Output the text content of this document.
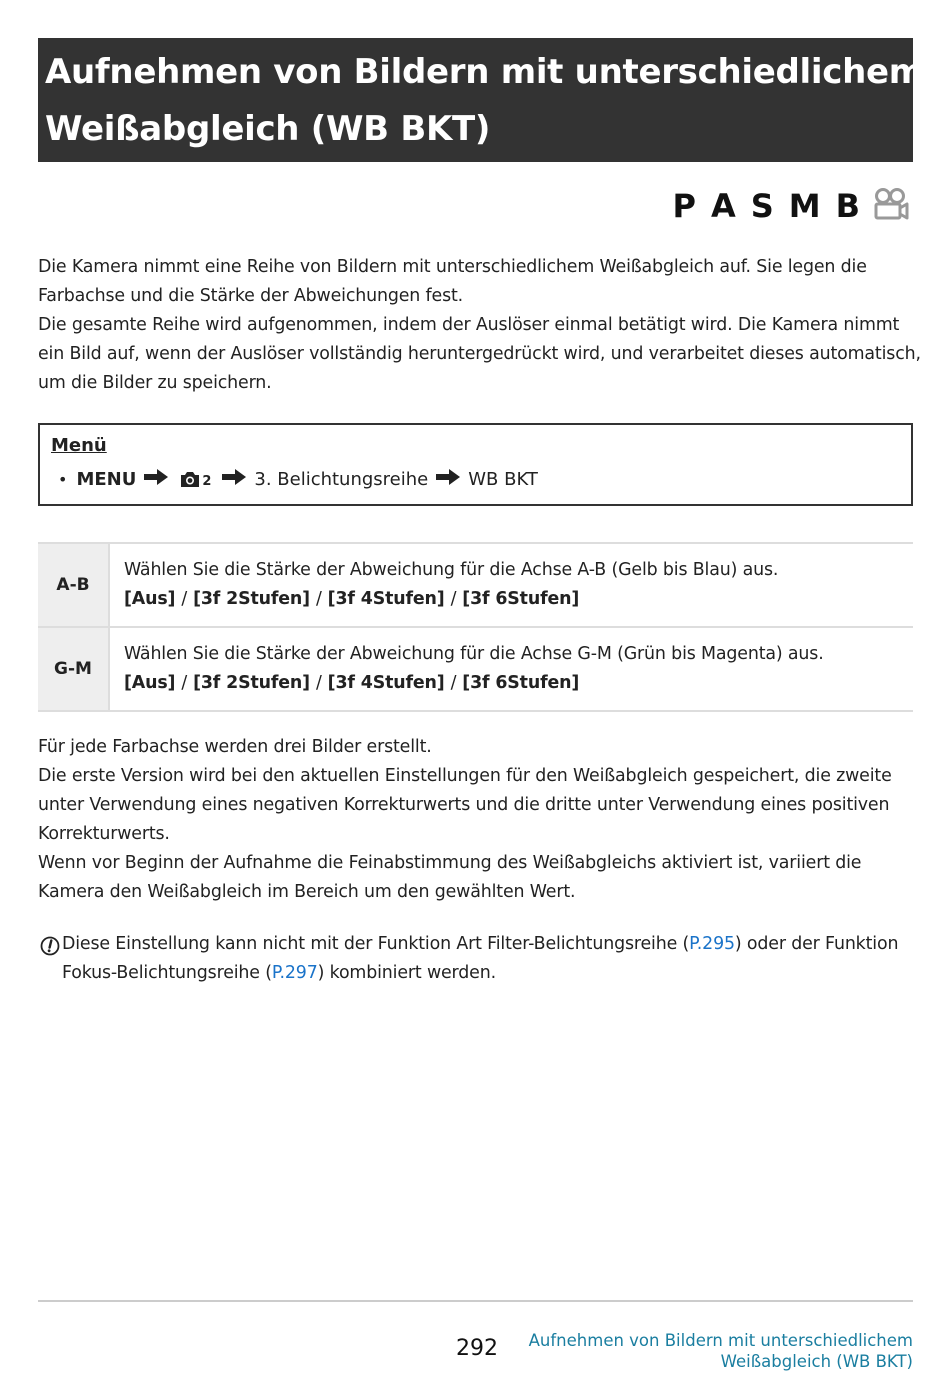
Aufnehmen von Bildern mit unterschiedlichem
Weißabgleich (WB BKT)
P A S M B

Die Kamera nimmt eine Reihe von Bildern mit unterschiedlichem Weißabgleich auf. Sie legen die

Farbachse und die Stärke der Abweichungen fest.

Die gesamte Reihe wird aufgenommen, indem der Auslöser einmal betätigt wird. Die Kamera nimmt

ein Bild auf, wenn der Auslöser vollständig heruntergedrückt wird, und verarbeitet dieses automatisch,

um die Bilder zu speichern.

Menü
• MENU	2 3. Belichtungsreihe WB BKT
A-B	Wählen Sie die Stärke der Abweichung für die Achse A-B (Gelb bis Blau) aus.
[Aus] / [3f 2Stufen] / [3f 4Stufen] / [3f 6Stufen]

G-M	Wählen Sie die Stärke der Abweichung für die Achse G-M (Grün bis Magenta) aus.
[Aus] / [3f 2Stufen] / [3f 4Stufen] / [3f 6Stufen]

Für jede Farbachse werden drei Bilder erstellt.

Die erste Version wird bei den aktuellen Einstellungen für den Weißabgleich gespeichert, die zweite

unter Verwendung eines negativen Korrekturwerts und die dritte unter Verwendung eines positiven

Korrekturwerts.

Wenn vor Beginn der Aufnahme die Feinabstimmung des Weißabgleichs aktiviert ist, variiert die

Kamera den Weißabgleich im Bereich um den gewählten Wert.

Diese Einstellung kann nicht mit der Funktion Art Filter-Belichtungsreihe (P.295) oder der Funktion

Fokus-Belichtungsreihe (P.297) kombiniert werden.

292 Aufnehmen von Bildern mit unterschiedlichem
Weißabgleich (WB BKT)
